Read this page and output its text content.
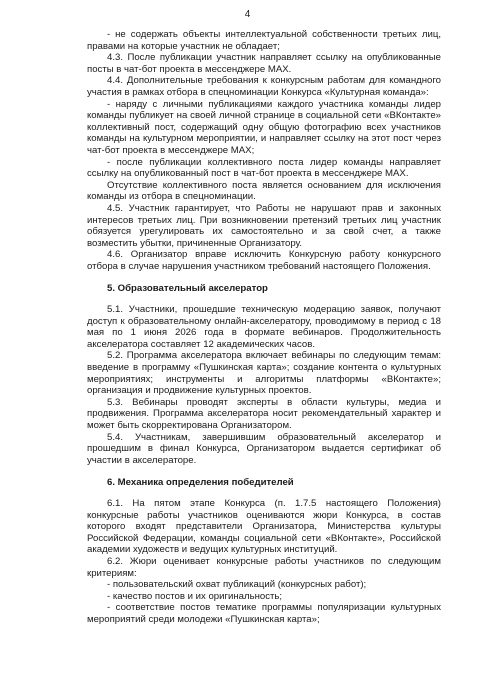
4

- не содержать объекты интеллектуальной собственности третьих лиц, правами на которые участник не обладает;

4.3. После публикации участник направляет ссылку на опубликованные посты в чат-бот проекта в мессенджере MAX.

4.4. Дополнительные требования к конкурсным работам для командного участия в рамках отбора в спецноминации Конкурса «Культурная команда»:

- наряду с личными публикациями каждого участника команды лидер команды публикует на своей личной странице в социальной сети «ВКонтакте» коллективный пост, содержащий одну общую фотографию всех участников команды на культурном мероприятии, и направляет ссылку на этот пост через чат-бот проекта в мессенджере MAX;

- после публикации коллективного поста лидер команды направляет ссылку на опубликованный пост в чат-бот проекта в мессенджере MAX.

Отсутствие коллективного поста является основанием для исключения команды из отбора в спецноминации.

4.5. Участник гарантирует, что Работы не нарушают прав и законных интересов третьих лиц. При возникновении претензий третьих лиц участник обязуется урегулировать их самостоятельно и за свой счет, а также возместить убытки, причиненные Организатору.

4.6. Организатор вправе исключить Конкурсную работу конкурсного отбора в случае нарушения участником требований настоящего Положения.

5. Образовательный акселератор

5.1. Участники, прошедшие техническую модерацию заявок, получают доступ к образовательному онлайн-акселератору, проводимому в период с 18 мая по 1 июня 2026 года в формате вебинаров. Продолжительность акселератора составляет 12 академических часов.

5.2. Программа акселератора включает вебинары по следующим темам: введение в программу «Пушкинская карта»; создание контента о культурных мероприятиях; инструменты и алгоритмы платформы «ВКонтакте»; организация и продвижение культурных проектов.

5.3. Вебинары проводят эксперты в области культуры, медиа и продвижения. Программа акселератора носит рекомендательный характер и может быть скорректирована Организатором.

5.4. Участникам, завершившим образовательный акселератор и прошедшим в финал Конкурса, Организатором выдается сертификат об участии в акселераторе.

6. Механика определения победителей

6.1. На пятом этапе Конкурса (п. 1.7.5 настоящего Положения) конкурсные работы участников оцениваются жюри Конкурса, в состав которого входят представители Организатора, Министерства культуры Российской Федерации, команды социальной сети «ВКонтакте», Российской академии художеств и ведущих культурных институций.

6.2. Жюри оценивает конкурсные работы участников по следующим критериям:

- пользовательский охват публикаций (конкурсных работ);

- качество постов и их оригинальность;

- соответствие постов тематике программы популяризации культурных мероприятий среди молодежи «Пушкинская карта»;
